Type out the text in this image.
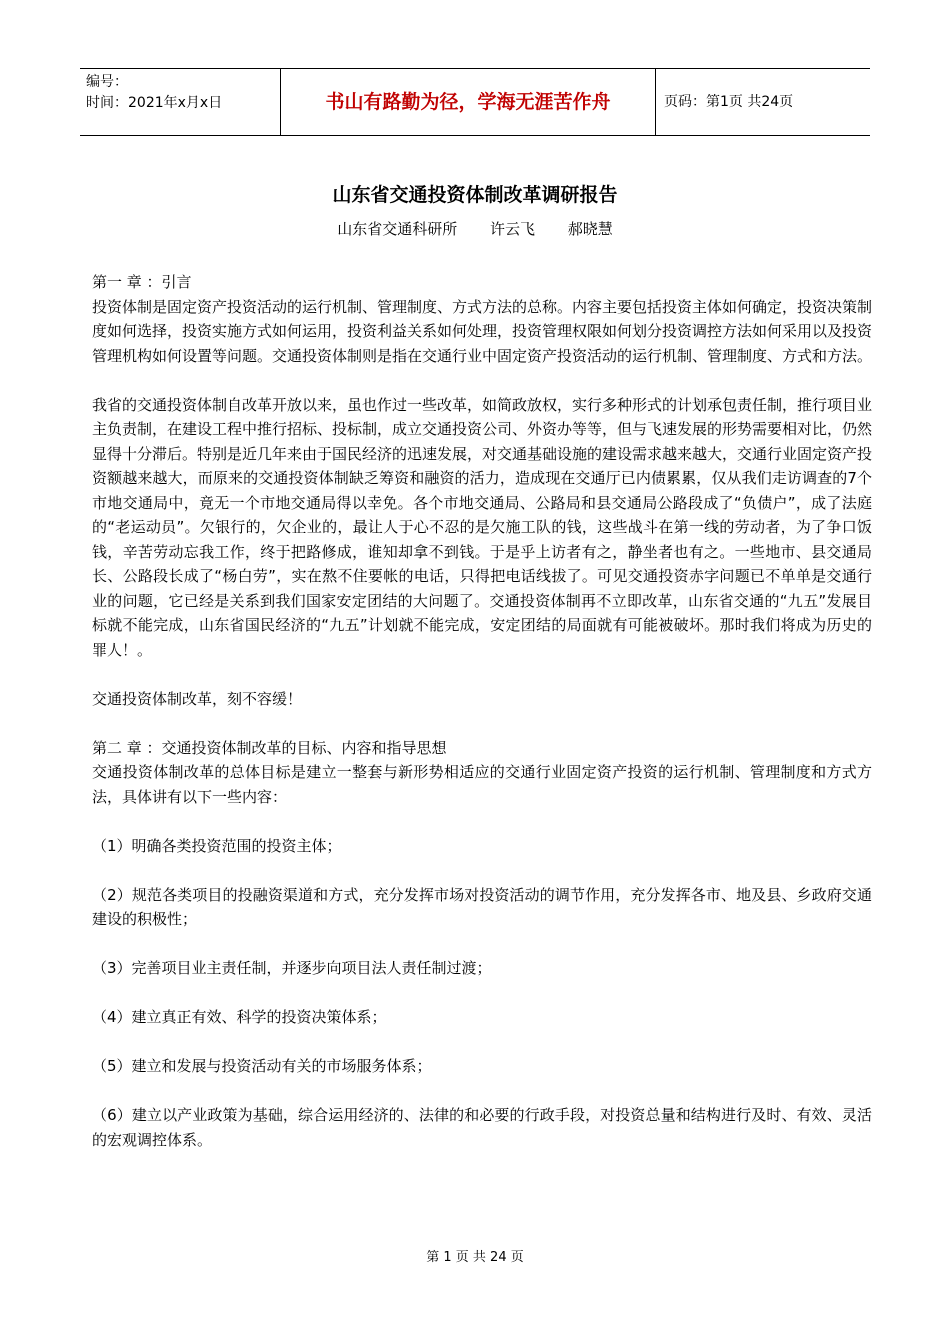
编号：
时间：2021年x月x日	书山有路勤为径，学海无涯苦作舟	页码：第1页 共24页
山东省交通投资体制改革调研报告
山东省交通科研所 许云飞 郝晓慧

第一 章 ：引言

投资体制是固定资产投资活动的运行机制、管理制度、方式方法的总称。内容主要包括投资主体如何确定，投资决策制度如何选择，投资实施方式如何运用，投资利益关系如何处理，投资管理权限如何划分投资调控方法如何采用以及投资管理机构如何设置等问题。交通投资体制则是指在交通行业中固定资产投资活动的运行机制、管理制度、方式和方法。

我省的交通投资体制自改革开放以来，虽也作过一些改革，如简政放权，实行多种形式的计划承包责任制，推行项目业主负责制，在建设工程中推行招标、投标制，成立交通投资公司、外资办等等，但与飞速发展的形势需要相对比，仍然显得十分滞后。特别是近几年来由于国民经济的迅速发展，对交通基础设施的建设需求越来越大，交通行业固定资产投资额越来越大，而原来的交通投资体制缺乏筹资和融资的活力，造成现在交通厅已内债累累，仅从我们走访调查的7个市地交通局中，竟无一个市地交通局得以幸免。各个市地交通局、公路局和县交通局公路段成了“负债户”，成了法庭的“老运动员”。欠银行的，欠企业的，最让人于心不忍的是欠施工队的钱，这些战斗在第一线的劳动者，为了争口饭钱，辛苦劳动忘我工作，终于把路修成，谁知却拿不到钱。于是乎上访者有之，静坐者也有之。一些地市、县交通局长、公路段长成了“杨白劳”，实在熬不住要帐的电话，只得把电话线拔了。可见交通投资赤字问题已不单单是交通行业的问题，它已经是关系到我们国家安定团结的大问题了。交通投资体制再不立即改革，山东省交通的“九五”发展目标就不能完成，山东省国民经济的“九五”计划就不能完成，安定团结的局面就有可能被破坏。那时我们将成为历史的罪人！。

交通投资体制改革，刻不容缓！

第二 章 ：交通投资体制改革的目标、内容和指导思想

交通投资体制改革的总体目标是建立一整套与新形势相适应的交通行业固定资产投资的运行机制、管理制度和方式方法，具体讲有以下一些内容：

（1）明确各类投资范围的投资主体；

（2）规范各类项目的投融资渠道和方式，充分发挥市场对投资活动的调节作用，充分发挥各市、地及县、乡政府交通建设的积极性；

（3）完善项目业主责任制，并逐步向项目法人责任制过渡；

（4）建立真正有效、科学的投资决策体系；

（5）建立和发展与投资活动有关的市场服务体系；

（6）建立以产业政策为基础，综合运用经济的、法律的和必要的行政手段，对投资总量和结构进行及时、有效、灵活的宏观调控体系。

第 1 页 共 24 页
